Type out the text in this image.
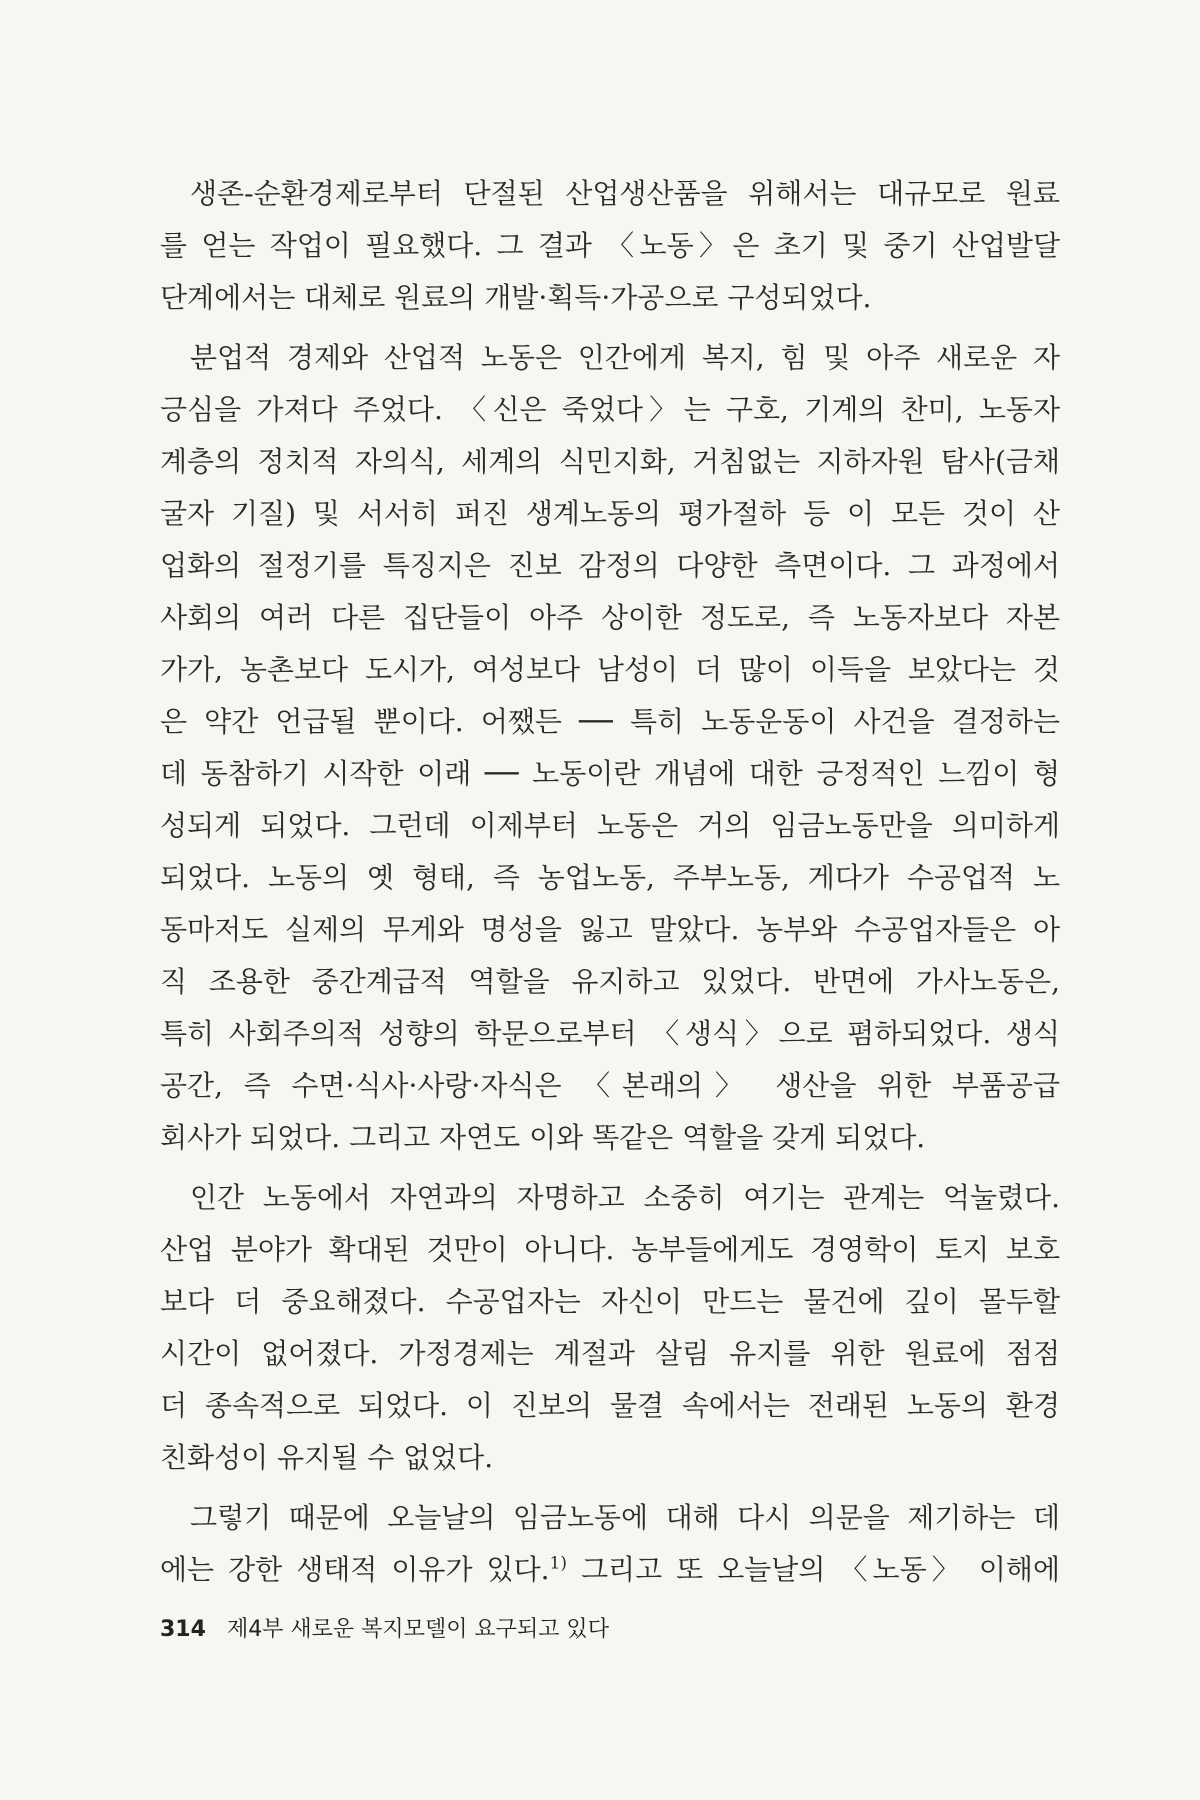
생존-순환경제로부터 단절된 산업생산품을 위해서는 대규모로 원료
를 얻는 작업이 필요했다. 그 결과 〈노동〉은 초기 및 중기 산업발달
단계에서는 대체로 원료의 개발·획득·가공으로 구성되었다.
분업적 경제와 산업적 노동은 인간에게 복지, 힘 및 아주 새로운 자
긍심을 가져다 주었다. 〈신은 죽었다〉는 구호, 기계의 찬미, 노동자
계층의 정치적 자의식, 세계의 식민지화, 거침없는 지하자원 탐사(금채
굴자 기질) 및 서서히 퍼진 생계노동의 평가절하 등 이 모든 것이 산
업화의 절정기를 특징지은 진보 감정의 다양한 측면이다. 그 과정에서
사회의 여러 다른 집단들이 아주 상이한 정도로, 즉 노동자보다 자본
가가, 농촌보다 도시가, 여성보다 남성이 더 많이 이득을 보았다는 것
은 약간 언급될 뿐이다. 어쨌든 ── 특히 노동운동이 사건을 결정하는
데 동참하기 시작한 이래 ── 노동이란 개념에 대한 긍정적인 느낌이 형
성되게 되었다. 그런데 이제부터 노동은 거의 임금노동만을 의미하게
되었다. 노동의 옛 형태, 즉 농업노동, 주부노동, 게다가 수공업적 노
동마저도 실제의 무게와 명성을 잃고 말았다. 농부와 수공업자들은 아
직 조용한 중간계급적 역할을 유지하고 있었다. 반면에 가사노동은,
특히 사회주의적 성향의 학문으로부터 〈생식〉으로 폄하되었다. 생식
공간, 즉 수면·식사·사랑·자식은 〈본래의〉 생산을 위한 부품공급
회사가 되었다. 그리고 자연도 이와 똑같은 역할을 갖게 되었다.
인간 노동에서 자연과의 자명하고 소중히 여기는 관계는 억눌렸다.
산업 분야가 확대된 것만이 아니다. 농부들에게도 경영학이 토지 보호
보다 더 중요해졌다. 수공업자는 자신이 만드는 물건에 깊이 몰두할
시간이 없어졌다. 가정경제는 계절과 살림 유지를 위한 원료에 점점
더 종속적으로 되었다. 이 진보의 물결 속에서는 전래된 노동의 환경
친화성이 유지될 수 없었다.
그렇기 때문에 오늘날의 임금노동에 대해 다시 의문을 제기하는 데
에는 강한 생태적 이유가 있다.$^{1)}$ 그리고 또 오늘날의 〈노동〉 이해에
314 제4부 새로운 복지모델이 요구되고 있다
